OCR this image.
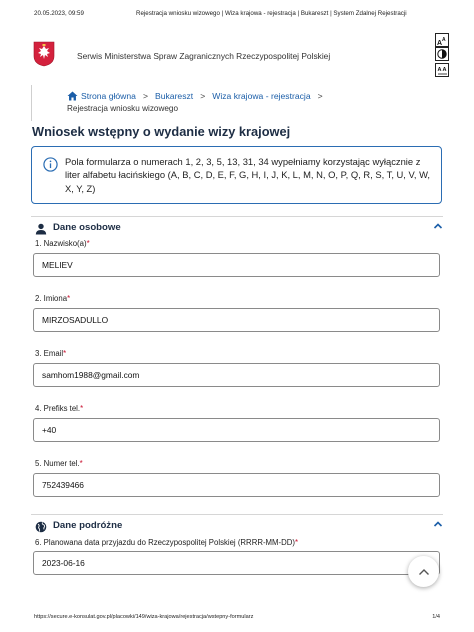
20.05.2023, 09:59	Rejestracja wniosku wizowego | Wiza krajowa - rejestracja | Bukareszt | System Zdalnej Rejestracji
Serwis Ministerstwa Spraw Zagranicznych Rzeczypospolitej Polskiej
A A
A A
Strona główna > Bukareszt > Wiza krajowa - rejestracja >
Rejestracja wniosku wizowego
Wniosek wstępny o wydanie wizy krajowej
Pola formularza o numerach 1, 2, 3, 5, 13, 31, 34 wypełniamy korzystając wyłącznie z liter alfabetu łacińskiego (A, B, C, D, E, F, G, H, I, J, K, L, M, N, O, P, Q, R, S, T, U, V, W, X, Y, Z)
Dane osobowe
1. Nazwisko(a)*
MELIEV
2. Imiona*
MIRZOSADULLO
3. Email*
samhom1988@gmail.com
4. Prefiks tel.*
+40
5. Numer tel.*
752439466
Dane podróżne
6. Planowana data przyjazdu do Rzeczypospolitej Polskiej (RRRR-MM-DD)*
2023-06-16
https://secure.e-konsulat.gov.pl/placowki/149/wiza-krajowa/rejestracja/wstepny-formularz	1/4
